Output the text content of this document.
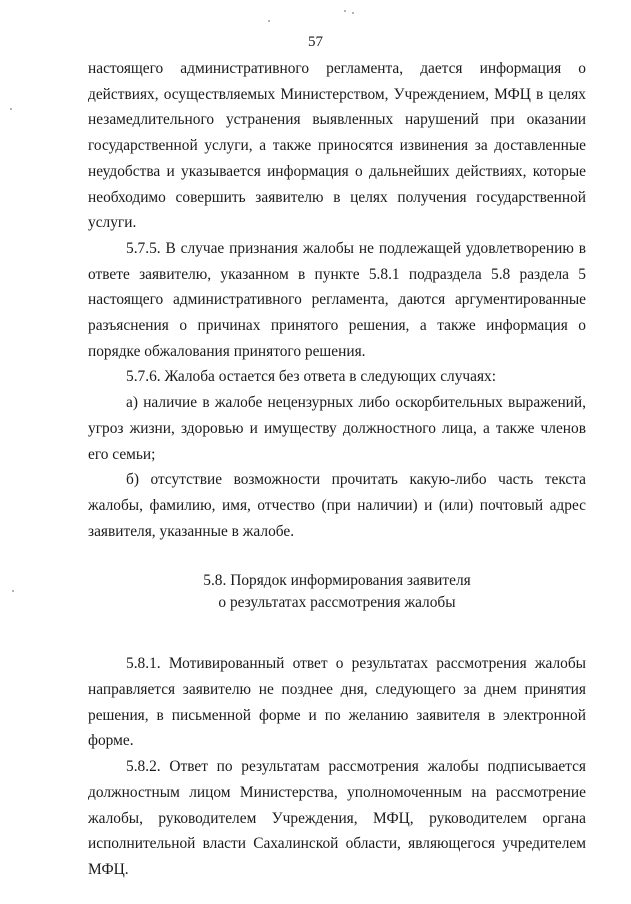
57

настоящего административного регламента, дается информация о действиях, осуществляемых Министерством, Учреждением, МФЦ в целях незамедлительного устранения выявленных нарушений при оказании государственной услуги, а также приносятся извинения за доставленные неудобства и указывается информация о дальнейших действиях, которые необходимо совершить заявителю в целях получения государственной услуги.

5.7.5. В случае признания жалобы не подлежащей удовлетворению в ответе заявителю, указанном в пункте 5.8.1 подраздела 5.8 раздела 5 настоящего административного регламента, даются аргументированные разъяснения о причинах принятого решения, а также информация о порядке обжалования принятого решения.

5.7.6. Жалоба остается без ответа в следующих случаях:

а) наличие в жалобе нецензурных либо оскорбительных выражений, угроз жизни, здоровью и имуществу должностного лица, а также членов его семьи;

б) отсутствие возможности прочитать какую-либо часть текста жалобы, фамилию, имя, отчество (при наличии) и (или) почтовый адрес заявителя, указанные в жалобе.

5.8. Порядок информирования заявителя
о результатах рассмотрения жалобы

5.8.1. Мотивированный ответ о результатах рассмотрения жалобы направляется заявителю не позднее дня, следующего за днем принятия решения, в письменной форме и по желанию заявителя в электронной форме.

5.8.2. Ответ по результатам рассмотрения жалобы подписывается должностным лицом Министерства, уполномоченным на рассмотрение жалобы, руководителем Учреждения, МФЦ, руководителем органа исполнительной власти Сахалинской области, являющегося учредителем МФЦ.
